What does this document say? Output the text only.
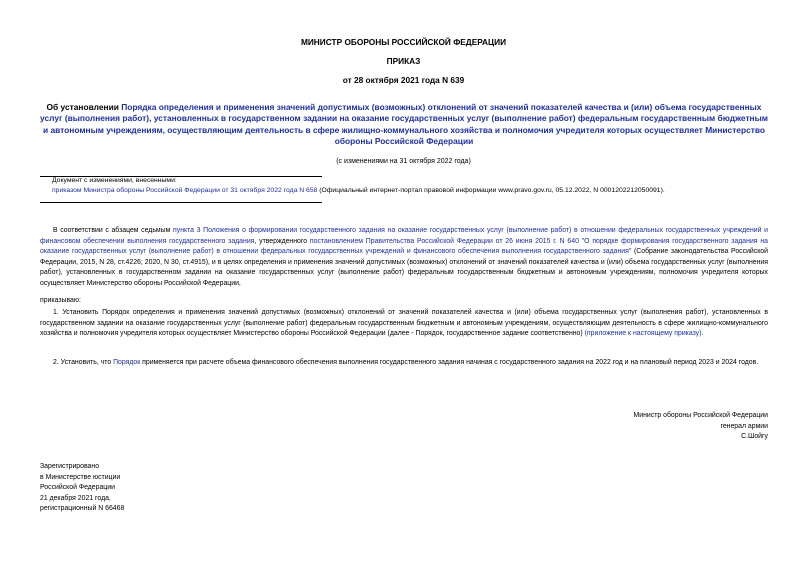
МИНИСТР ОБОРОНЫ РОССИЙСКОЙ ФЕДЕРАЦИИ
ПРИКАЗ
от 28 октября 2021 года N 639
Об установлении Порядка определения и применения значений допустимых (возможных) отклонений от значений показателей качества и (или) объема государственных услуг (выполнения работ), установленных в государственном задании на оказание государственных услуг (выполнение работ) федеральным государственным бюджетным и автономным учреждениям, осуществляющим деятельность в сфере жилищно-коммунального хозяйства и полномочия учредителя которых осуществляет Министерство обороны Российской Федерации
(с изменениями на 31 октября 2022 года)
Документ с изменениями, внесенными:
приказом Министра обороны Российской Федерации от 31 октября 2022 года N 658 (Официальный интернет-портал правовой информации www.pravo.gov.ru, 05.12.2022, N 0001202212050091).
В соответствии с абзацем седьмым пункта 3 Положения о формировании государственного задания на оказание государственных услуг (выполнение работ) в отношении федеральных государственных учреждений и финансовом обеспечении выполнения государственного задания, утвержденного постановлением Правительства Российской Федерации от 26 июня 2015 г. N 640 "О порядке формирования государственного задания на оказание государственных услуг (выполнение работ) в отношении федеральных государственных учреждений и финансового обеспечения выполнения государственного задания" (Собрание законодательства Российской Федерации, 2015, N 28, ст.4226; 2020, N 30, ст.4915), и в целях определения и применения значений допустимых (возможных) отклонений от значений показателей качества и (или) объема государственных услуг (выполнения работ), установленных в государственном задании на оказание государственных услуг (выполнение работ) федеральным государственным бюджетным и автономным учреждениям, полномочия учредителя которых осуществляет Министерство обороны Российской Федерации,
приказываю:
1. Установить Порядок определения и применения значений допустимых (возможных) отклонений от значений показателей качества и (или) объема государственных услуг (выполнения работ), установленных в государственном задании на оказание государственных услуг (выполнение работ) федеральным государственным бюджетным и автономным учреждениям, осуществляющим деятельность в сфере жилищно-коммунального хозяйства и полномочия учредителя которых осуществляет Министерство обороны Российской Федерации (далее - Порядок, государственное задание соответственно) (приложение к настоящему приказу).
2. Установить, что Порядок применяется при расчете объема финансового обеспечения выполнения государственного задания начиная с государственного задания на 2022 год и на плановый период 2023 и 2024 годов.
Министр обороны Российской Федерации
генерал армии
С.Шойгу
Зарегистрировано
в Министерстве юстиции
Российской Федерации
21 декабря 2021 года,
регистрационный N 66468
